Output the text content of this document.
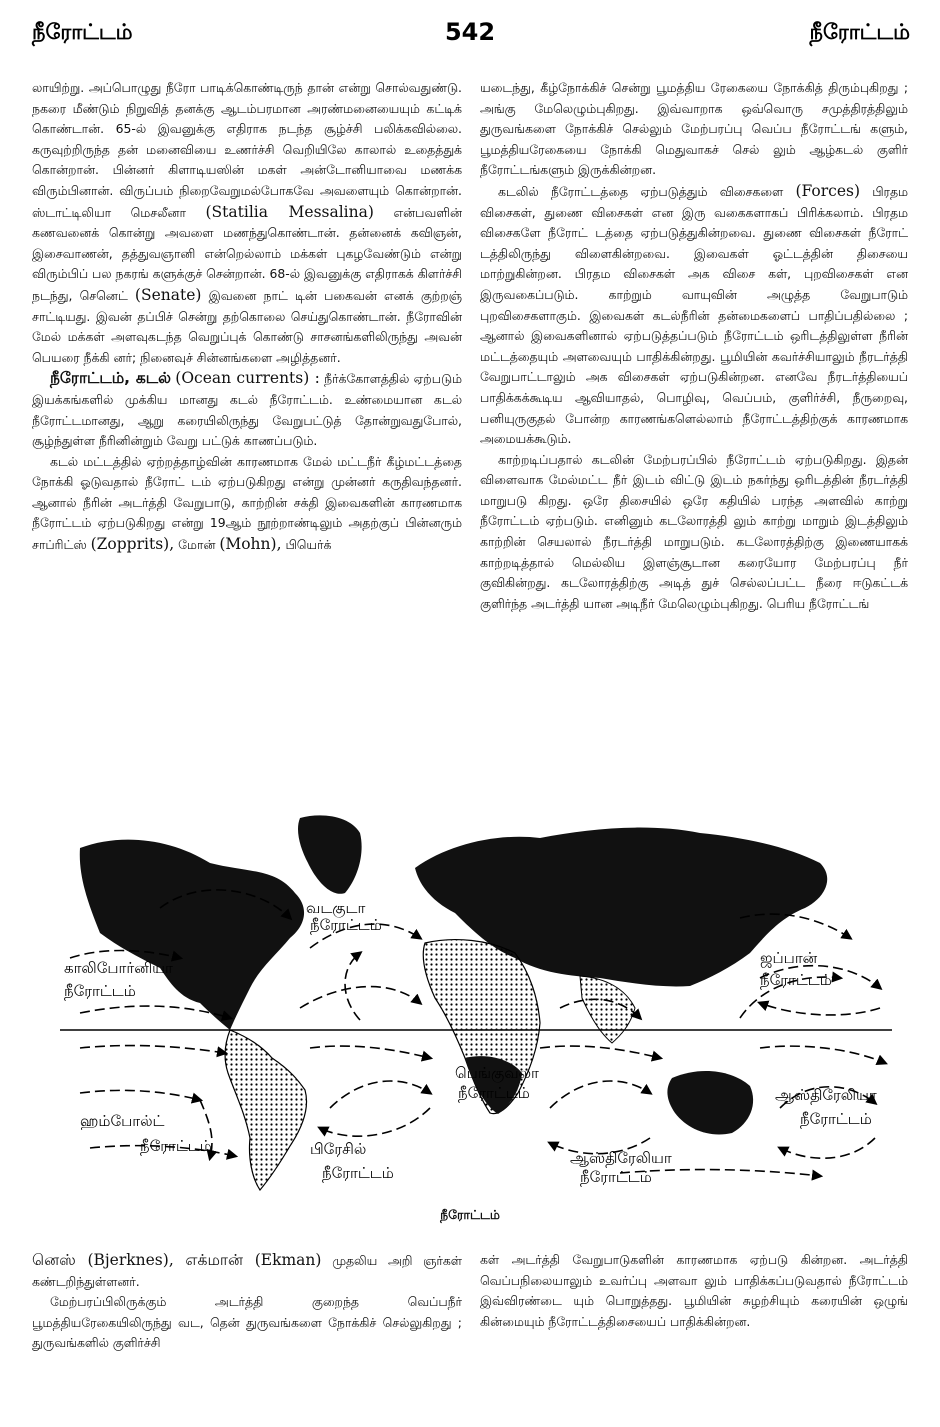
நீரோட்டம்	542	நீரோட்டம்

லாயிற்று. அப்பொழுது நீரோ பாடிக்கொண்டிருந் தான் என்று சொல்வதுண்டு. நகரை மீண்டும் நிறுவித் தனக்கு ஆடம்பரமான அரண்மனையையும் கட்டிக் கொண்டான். 65-ல் இவனுக்கு எதிராக நடந்த சூழ்ச்சி பலிக்கவில்லை. கருவுற்றிருந்த தன் மனைவியை உணர்ச்சி வெறியிலே காலால் உதைத்துக் கொன்றான். பின்னர் கிளாடியஸின் மகள் அன்டோனியாவை மணக்க விரும்பினான். விருப்பம் நிறைவேறுமல்போகவே அவளையும் கொன்றான். ஸ்டாட்டிலியா மெசலீனா (Statilia Messalina) என்பவளின் கணவனைக் கொன்று அவளை மணந்துகொண்டான். தன்னைக் கவிஞன், இசைவாணன், தத்துவஞானி என்றெல்லாம் மக்கள் புகழவேண்டும் என்று விரும்பிப் பல நகரங் களுக்குச் சென்றான். 68-ல் இவனுக்கு எதிராகக் கிளர்ச்சி நடந்து, செனெட் (Senate) இவனை நாட் டின் பகைவன் எனக் குற்றஞ் சாட்டியது. இவன் தப்பிச் சென்று தற்கொலை செய்துகொண்டான். நீரோவின் மேல் மக்கள் அளவுகடந்த வெறுப்புக் கொண்டு சாசனங்களிலிருந்து அவன் பெயரை நீக்கி னர்; நினைவுச் சின்னங்களை அழித்தனர்.

நீரோட்டம், கடல் (Ocean currents) : நீர்க்கோளத்தில் ஏற்படும் இயக்கங்களில் முக்கிய மானது கடல் நீரோட்டம். உண்மையான கடல் நீரோட்டமானது, ஆறு கரையிலிருந்து வேறுபட்டுத் தோன்றுவதுபோல், சூழ்ந்துள்ள நீரினின்றும் வேறு பட்டுக் காணப்படும்.

கடல் மட்டத்தில் ஏற்றத்தாழ்வின் காரணமாக மேல் மட்டநீர் கீழ்மட்டத்தை நோக்கி ஓடுவதால் நீரோட் டம் ஏற்படுகிறது என்று முன்னர் கருதிவந்தனர். ஆனால் நீரின் அடர்த்தி வேறுபாடு, காற்றின் சக்தி இவைகளின் காரணமாக நீரோட்டம் ஏற்படுகிறது என்று 19ஆம் நூற்றாண்டிலும் அதற்குப் பின்னரும் சாப்ரிட்ஸ் (Zopprits), மோன் (Mohn), பியெர்க்

யடைந்து, கீழ்நோக்கிச் சென்று பூமத்திய ரேகையை நோக்கித் திரும்புகிறது ; அங்கு மேலெழும்புகிறது. இவ்வாறாக ஒவ்வொரு சமுத்திரத்திலும் துருவங்களை நோக்கிச் செல்லும் மேற்பரப்பு வெப்ப நீரோட்டங் களும், பூமத்தியரேகையை நோக்கி மெதுவாகச் செல் லும் ஆழ்கடல் குளிர் நீரோட்டங்களும் இருக்கின்றன.

கடலில் நீரோட்டத்தை ஏற்படுத்தும் விசைகளை (Forces) பிரதம விசைகள், துணை விசைகள் என இரு வகைகளாகப் பிரிக்கலாம். பிரதம விசைகளே நீரோட் டத்தை ஏற்படுத்துகின்றவை. துணை விசைகள் நீரோட் டத்திலிருந்து விளைகின்றவை. இவைகள் ஓட்டத்தின் திசையை மாற்றுகின்றன. பிரதம விசைகள் அக விசை கள், புறவிசைகள் என இருவகைப்படும். காற்றும் வாயுவின் அழுத்த வேறுபாடும் புறவிசைகளாகும். இவைகள் கடல்நீரின் தன்மைகளைப் பாதிப்பதில்லை ; ஆனால் இவைகளினால் ஏற்படுத்தப்படும் நீரோட்டம் ஒரிடத்திலுள்ள நீரின் மட்டத்தையும் அளவையும் பாதிக்கின்றது. பூமியின் கவர்ச்சியாலும் நீரடர்த்தி வேறுபாட்டாலும் அக விசைகள் ஏற்படுகின்றன. எனவே நீரடர்த்தியைப் பாதிக்கக்கூடிய ஆவியாதல், பொழிவு, வெப்பம், குளிர்ச்சி, நீருறைவு, பனியுருகுதல் போன்ற காரணங்களெல்லாம் நீரோட்டத்திற்குக் காரணமாக அமையக்கூடும்.

காற்றடிப்பதால் கடலின் மேற்பரப்பில் நீரோட்டம் ஏற்படுகிறது. இதன் விளைவாக மேல்மட்ட நீர் இடம் விட்டு இடம் நகர்ந்து ஒரிடத்தின் நீரடர்த்தி மாறுபடு கிறது. ஒரே திசையில் ஒரே கதியில் பரந்த அளவில் காற்று நீரோட்டம் ஏற்படும். எனினும் கடலோரத்தி லும் காற்று மாறும் இடத்திலும் காற்றின் செயலால் நீரடர்த்தி மாறுபடும். கடலோரத்திற்கு இணையாகக் காற்றடித்தால் மெல்லிய இளஞ்சூடான கரையோர மேற்பரப்பு நீர் குவிகின்றது. கடலோரத்திற்கு அடித் துச் செல்லப்பட்ட நீரை ஈடுகட்டக் குளிர்ந்த அடர்த்தி யான அடிநீர் மேலெழும்புகிறது. பெரிய நீரோட்டங்

காலிபோர்னியா
நீரோட்டம்
வடகுடா
நீரோட்டம்
ஜப்பான்
நீரோட்டம்
ஹம்போல்ட்
நீரோட்டம்	பிரேசில்
நீரோட்டம்
பெங்குவலா
நீரோட்டம்
ஆஸ்திரேலியா
நீரோட்டம்
ஆஸ்திரேலியா
நீரோட்டம்
நீரோட்டம்

னெஸ் (Bjerknes), எக்மான் (Ekman) முதலிய அறி ஞர்கள் கண்டறிந்துள்ளனர்.

மேற்பரப்பிலிருக்கும் அடர்த்தி குறைந்த வெப்பநீர் பூமத்தியரேகையிலிருந்து வட, தென் துருவங்களை நோக்கிச் செல்லுகிறது ; துருவங்களில் குளிர்ச்சி

கள் அடர்த்தி வேறுபாடுகளின் காரணமாக ஏற்படு கின்றன. அடர்த்தி வெப்பநிலையாலும் உவர்ப்பு அளவா லும் பாதிக்கப்படுவதால் நீரோட்டம் இவ்விரண்டை யும் பொறுத்தது. பூமியின் சுழற்சியும் கரையின் ஒழுங் கின்மையும் நீரோட்டத்திசையைப் பாதிக்கின்றன.
